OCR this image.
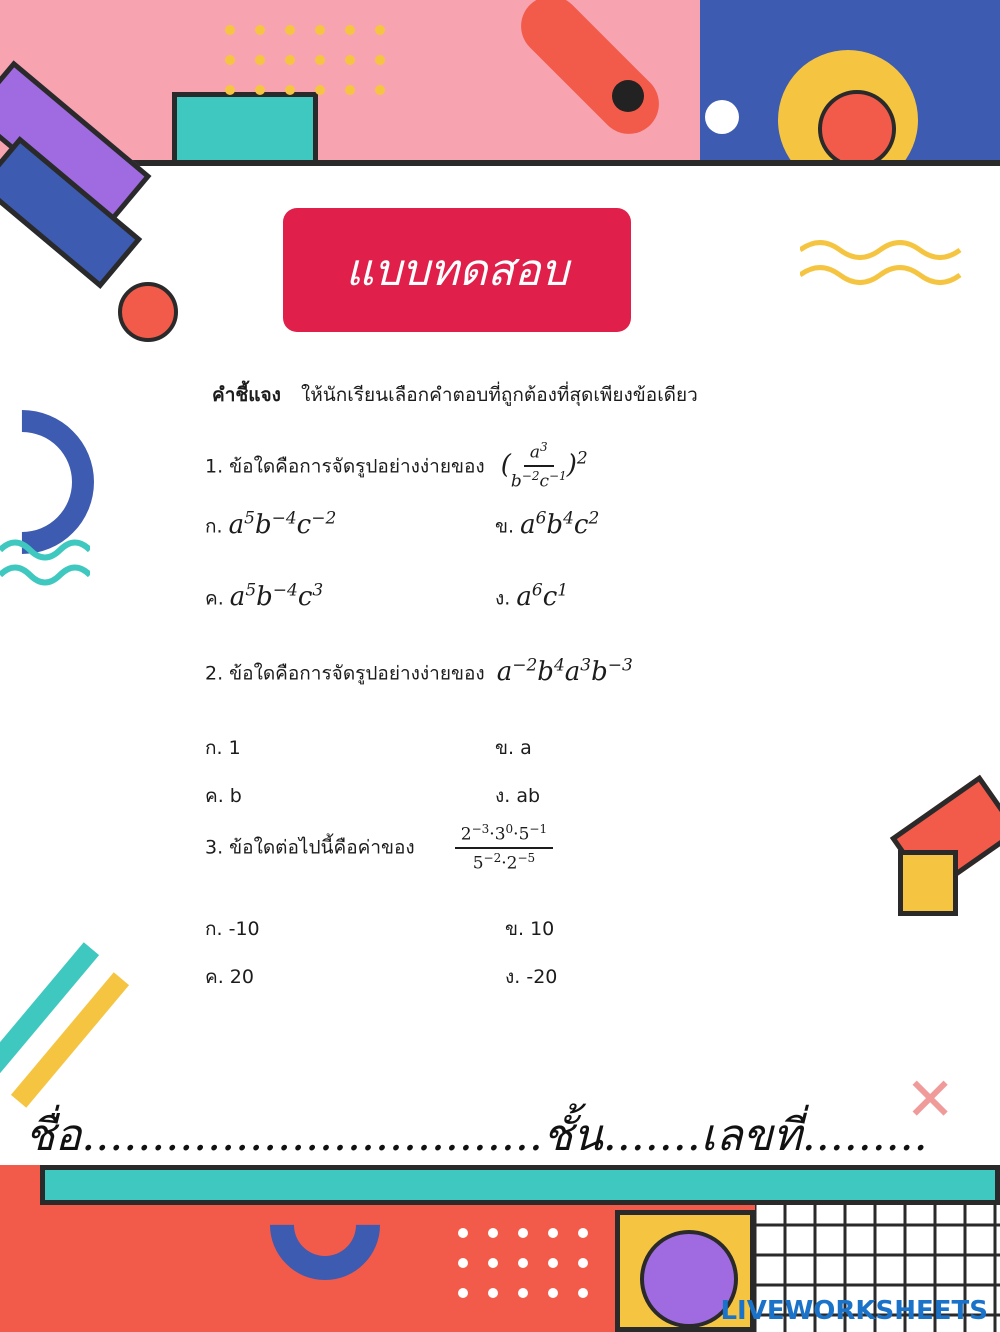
✕
แบบทดสอบ
คำชี้แจง ให้นักเรียนเลือกคำตอบที่ถูกต้องที่สุดเพียงข้อเดียว
1. ข้อใดคือการจัดรูปอย่างง่ายของ ( $\frac{a^3}{b^{-2}c^{-1}} )^2$
ก. $a^5b^{-4}c^{-2}$	ข. $a^6b^4c^2$
ค. $a^5b^{-4}c^3$	ง. $a^6c^1$
2. ข้อใดคือการจัดรูปอย่างง่ายของ $a^{-2}b^4a^3b^{-3}$
ก. 1	ข. a
ค. b	ง. ab
3. ข้อใดต่อไปนี้คือค่าของ $\frac{2^{-3}\cdot 3^0\cdot 5^{-1}}{5^{-2}\cdot 2^{-5}}$
ก. -10	ข. 10
ค. 20	ง. -20
ชื่อ.................................ชั้น.......เลขที่.........
LIVEWORKSHEETS
